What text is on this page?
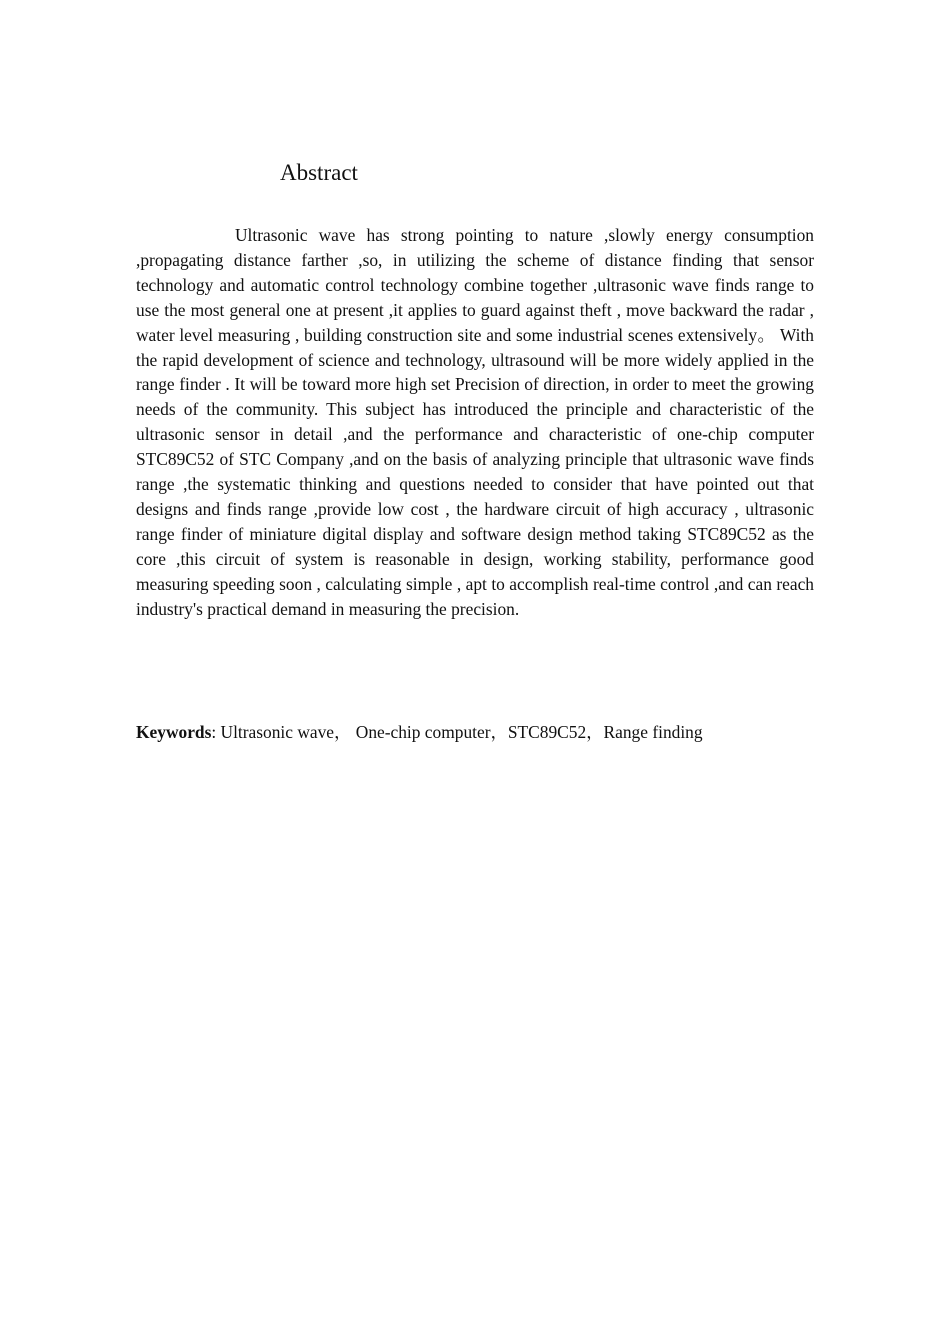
Abstract

Ultrasonic wave has strong pointing to nature ,slowly energy consumption ,propagating distance farther ,so, in utilizing the scheme of distance finding that sensor technology and automatic control technology combine together ,ultrasonic wave finds range to use the most general one at present ,it applies to guard against theft , move backward the radar , water level measuring , building construction site and some industrial scenes extensively。 With the rapid development of science and technology, ultrasound will be more widely applied in the range finder . It will be toward more high set Precision of direction, in order to meet the growing needs of the community. This subject has introduced the principle and characteristic of the ultrasonic sensor in detail ,and the performance and characteristic of one-chip computer STC89C52 of STC Company ,and on the basis of analyzing principle that ultrasonic wave finds range ,the systematic thinking and questions needed to consider that have pointed out that designs and finds range ,provide low cost , the hardware circuit of high accuracy , ultrasonic range finder of miniature digital display and software design method taking STC89C52 as the core ,this circuit of system is reasonable in design, working stability, performance good measuring speeding soon , calculating simple , apt to accomplish real-time control ,and can reach industry's practical demand in measuring the precision.

Keywords: Ultrasonic wave， One-chip computer，STC89C52，Range finding
